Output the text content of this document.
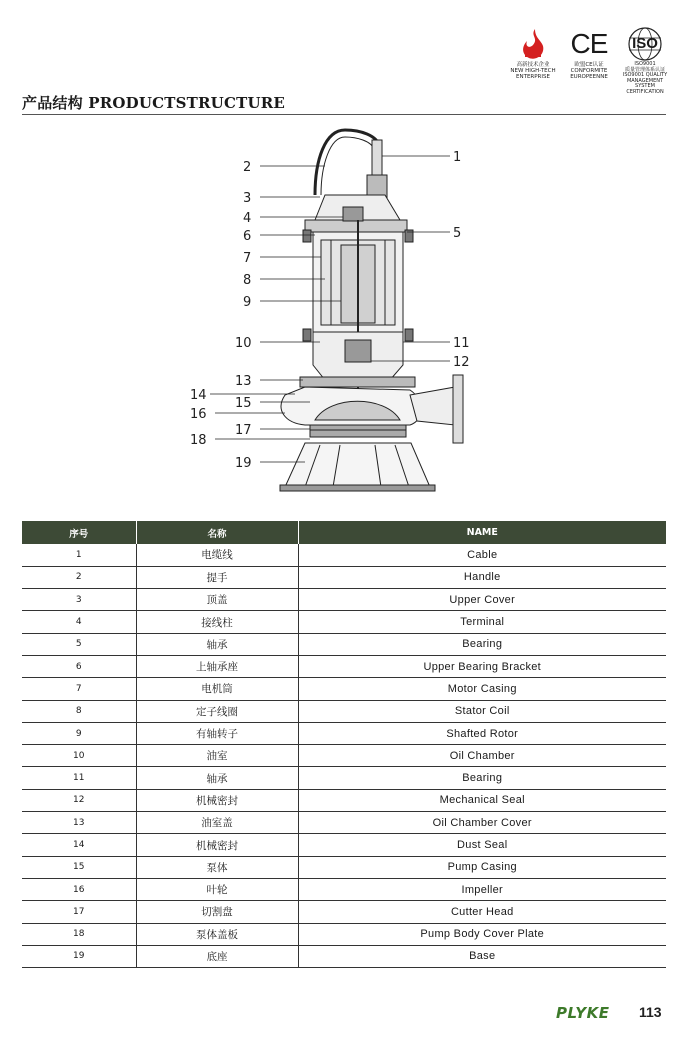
产品结构 PRODUCTSTRUCTURE
高新技术企业
NEW HIGH-TECH
ENTERPRISE
CE
欧盟CE认证
CONFORMITE
EUROPEENNE
ISO
ISO9001
质量管理体系认证
ISO9001 QUALITY MANAGEMENT
SYSTEM CERTIFICATION
1
2
3
4
5
6
7
8
9
10	11
12
13
14
15
16
17
18
19
序号	名称	NAME
1	电缆线	Cable
2	提手	Handle
3	顶盖	Upper Cover
4	接线柱	Terminal
5	轴承	Bearing
6	上轴承座	Upper Bearing Bracket
7	电机筒	Motor Casing
8	定子线圈	Stator Coil
9	有轴转子	Shafted Rotor
10	油室	Oil Chamber
11	轴承	Bearing
12	机械密封	Mechanical Seal
13	油室盖	Oil Chamber Cover
14	机械密封	Dust Seal
15	泵体	Pump Casing
16	叶轮	Impeller
17	切割盘	Cutter Head
18	泵体盖板	Pump Body Cover Plate
19	底座	Base
PLYKE 113
